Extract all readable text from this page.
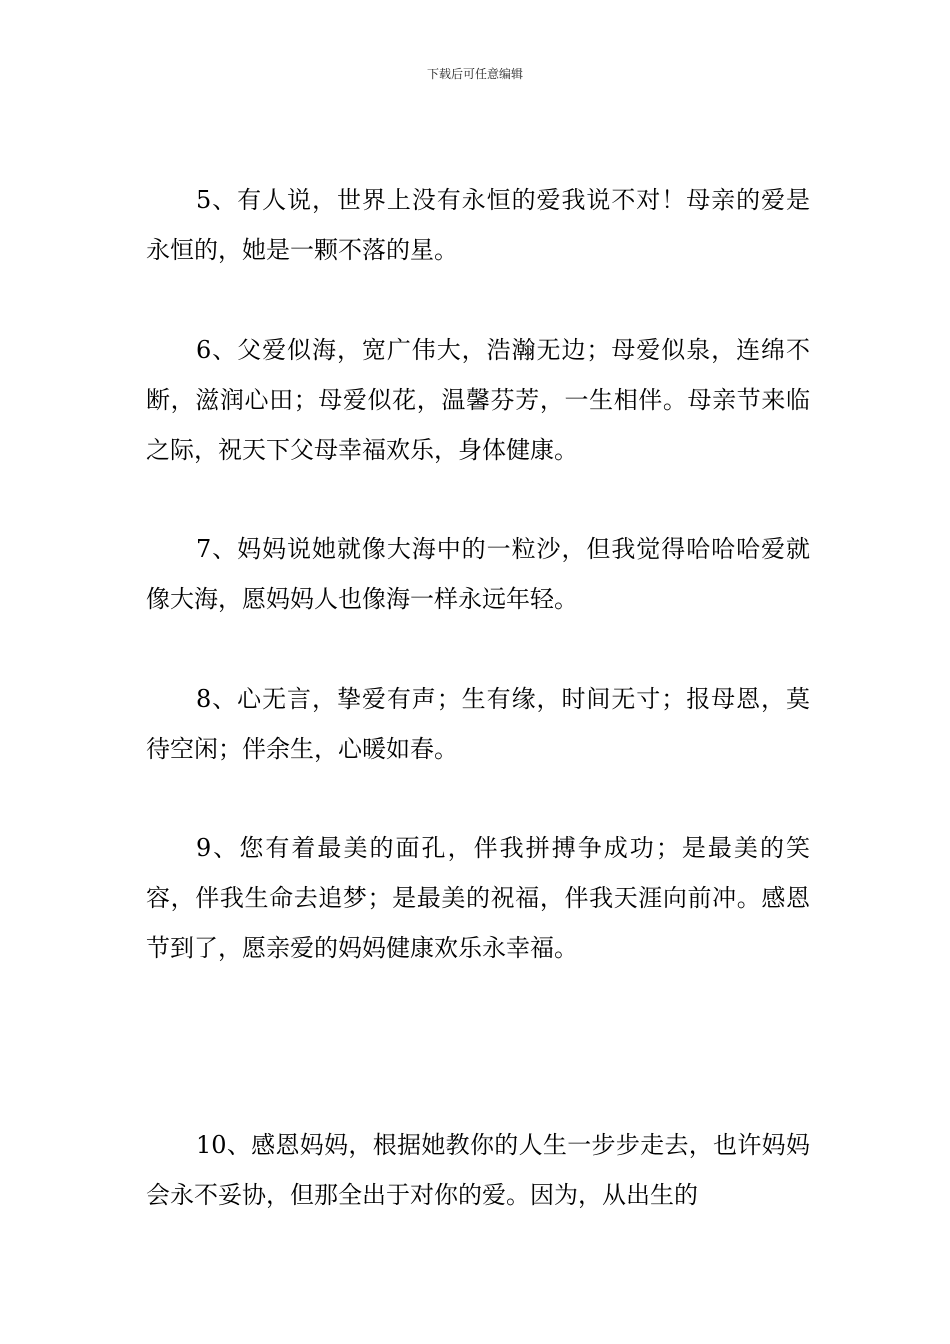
下载后可任意编辑

5、有人说，世界上没有永恒的爱我说不对！母亲的爱是永恒的，她是一颗不落的星。

6、父爱似海，宽广伟大，浩瀚无边；母爱似泉，连绵不断，滋润心田；母爱似花，温馨芬芳，一生相伴。母亲节来临之际，祝天下父母幸福欢乐，身体健康。

7、妈妈说她就像大海中的一粒沙，但我觉得哈哈哈爱就像大海，愿妈妈人也像海一样永远年轻。

8、心无言，挚爱有声；生有缘，时间无寸；报母恩，莫待空闲；伴余生，心暖如春。

9、您有着最美的面孔，伴我拼搏争成功；是最美的笑容，伴我生命去追梦；是最美的祝福，伴我天涯向前冲。感恩节到了，愿亲爱的妈妈健康欢乐永幸福。

10、感恩妈妈，根据她教你的人生一步步走去，也许妈妈会永不妥协，但那全出于对你的爱。因为，从出生的
